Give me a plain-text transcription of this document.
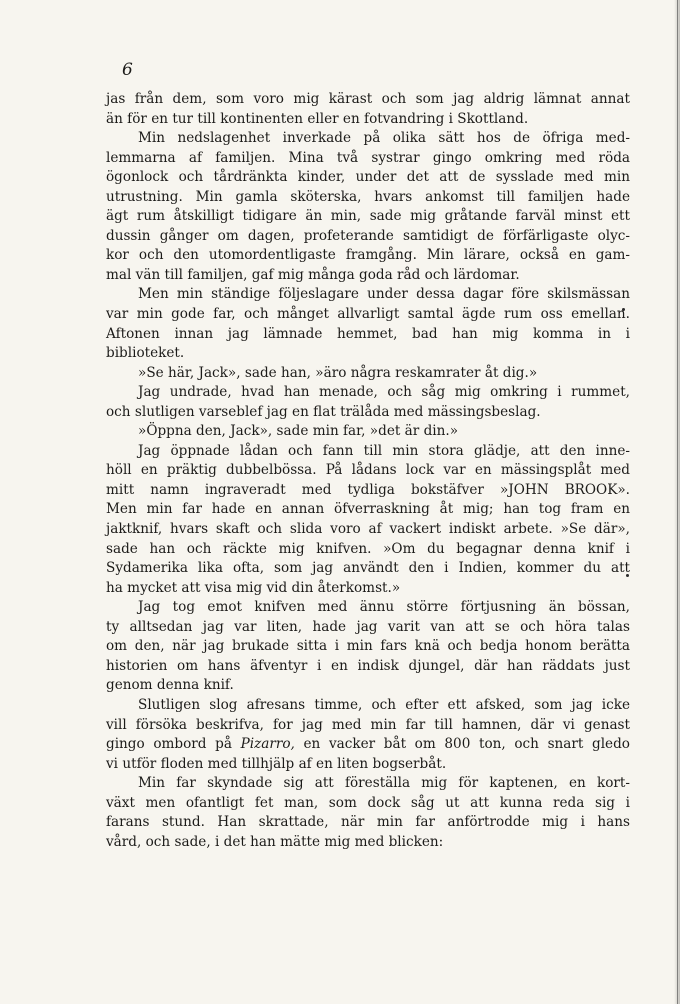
6
jas från dem, som voro mig kärast och som jag aldrig lämnat annat
än för en tur till kontinenten eller en fotvandring i Skottland.
Min nedslagenhet inverkade på olika sätt hos de öfriga med-
lemmarna af familjen. Mina två systrar gingo omkring med röda
ögonlock och tårdränkta kinder, under det att de sysslade med min
utrustning. Min gamla sköterska, hvars ankomst till familjen hade
ägt rum åtskilligt tidigare än min, sade mig gråtande farväl minst ett
dussin gånger om dagen, profeterande samtidigt de förfärligaste olyc-
kor och den utomordentligaste framgång. Min lärare, också en gam-
mal vän till familjen, gaf mig många goda råd och lärdomar.
Men min ständige följeslagare under dessa dagar före skilsmässan
var min gode far, och månget allvarligt samtal ägde rum oss emellan.
Aftonen innan jag lämnade hemmet, bad han mig komma in i
biblioteket.
»Se här, Jack», sade han, »äro några reskamrater åt dig.»
Jag undrade, hvad han menade, och såg mig omkring i rummet,
och slutligen varseblef jag en flat trälåda med mässingsbeslag.
»Öppna den, Jack», sade min far, »det är din.»
Jag öppnade lådan och fann till min stora glädje, att den inne-
höll en präktig dubbelbössa. På lådans lock var en mässingsplåt med
mitt namn ingraveradt med tydliga bokstäfver »JOHN BROOK».
Men min far hade en annan öfverraskning åt mig; han tog fram en
jaktknif, hvars skaft och slida voro af vackert indiskt arbete. »Se där»,
sade han och räckte mig knifven. »Om du begagnar denna knif i
Sydamerika lika ofta, som jag användt den i Indien, kommer du att
ha mycket att visa mig vid din återkomst.»
Jag tog emot knifven med ännu större förtjusning än bössan,
ty alltsedan jag var liten, hade jag varit van att se och höra talas
om den, när jag brukade sitta i min fars knä och bedja honom berätta
historien om hans äfventyr i en indisk djungel, där han räddats just
genom denna knif.
Slutligen slog afresans timme, och efter ett afsked, som jag icke
vill försöka beskrifva, for jag med min far till hamnen, där vi genast
gingo ombord på Pizarro, en vacker båt om 800 ton, och snart gledo
vi utför floden med tillhjälp af en liten bogserbåt.
Min far skyndade sig att föreställa mig för kaptenen, en kort-
växt men ofantligt fet man, som dock såg ut att kunna reda sig i
farans stund. Han skrattade, när min far anförtrodde mig i hans
vård, och sade, i det han mätte mig med blicken:
